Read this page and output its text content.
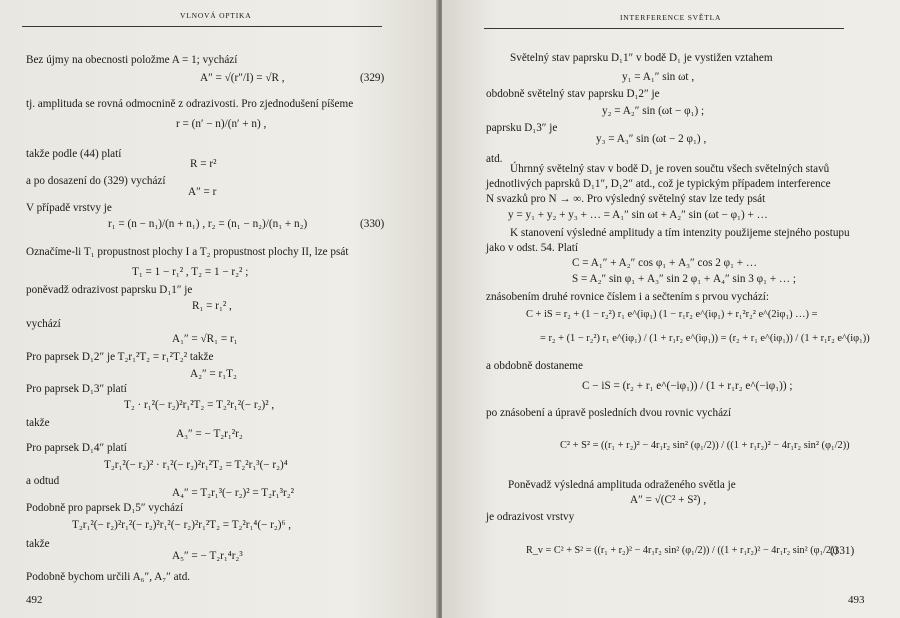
VLNOVÁ OPTIKA
Bez újmy na obecnosti položme A = 1; vychází
A″ = √(r″/I) = √R ,	(329)
tj. amplituda se rovná odmocnině z odrazivosti. Pro zjednodušení píšeme
r = (n′ − n)/(n′ + n) ,
takže podle (44) platí
R = r²
a po dosazení do (329) vychází
A″ = r
V případě vrstvy je
r₁ = (n − n₁)/(n + n₁) , r₂ = (n₁ − n₂)/(n₁ + n₂)	(330)
Označíme-li T₁ propustnost plochy I a T₂ propustnost plochy II, lze psát
T₁ = 1 − r₁² , T₂ = 1 − r₂² ;
poněvadž odrazivost paprsku D₁1″ je
R₁ = r₁² ,
vychází
A₁″ = √R₁ = r₁
Pro paprsek D₁2″ je T₂r₁²T₂ = r₁²T₂² takže
A₂″ = r₁T₂
Pro paprsek D₁3″ platí
T₂ · r₁²(− r₂)²r₁²T₂ = T₂²r₁²(− r₂)² ,
takže
A₃″ = − T₂r₁²r₂
Pro paprsek D₁4″ platí
T₂r₁²(− r₂)² · r₁²(− r₂)²r₁²T₂ = T₂²r₁³(− r₂)⁴
a odtud
A₄″ = T₂r₁³(− r₂)² = T₂r₁³r₂²
Podobně pro paprsek D₁5″ vychází
T₂r₁²(− r₂)²r₁²(− r₂)²r₁²(− r₂)²r₁²T₂ = T₂²r₁⁴(− r₂)⁶ ,
takže
A₅″ = − T₂r₁⁴r₂³
Podobně bychom určili A₆″, A₇″ atd.
492
INTERFERENCE SVĚTLA
Světelný stav paprsku D₁1″ v bodě D₁ je vystižen vztahem
y₁ = A₁″ sin ωt ,
obdobně světelný stav paprsku D₁2″ je
y₂ = A₂″ sin (ωt − φ₁) ;
paprsku D₁3″ je
y₃ = A₃″ sin (ωt − 2 φ₁) ,
atd.
Úhrnný světelný stav v bodě D₁ je roven součtu všech světelných stavů
jednotlivých paprsků D₁1″, D₁2″ atd., což je typickým případem interference
N svazků pro N → ∞. Pro výsledný světelný stav lze tedy psát
y = y₁ + y₂ + y₃ + … = A₁″ sin ωt + A₂″ sin (ωt − φ₁) + …
K stanovení výsledné amplitudy a tím intenzity použijeme stejného postupu
jako v odst. 54. Platí
C = A₁″ + A₂″ cos φ₁ + A₃″ cos 2 φ₁ + …
S = A₂″ sin φ₁ + A₃″ sin 2 φ₁ + A₄″ sin 3 φ₁ + … ;
znásobením druhé rovnice číslem i a sečtením s prvou vychází:
C + iS = r₂ + (1 − r₂²) r₁ e^(iφ₁) (1 − r₁r₂ e^(iφ₁) + r₁²r₂² e^(2iφ₁) …) =
= r₂ + (1 − r₂²) r₁ e^(iφ₁) / (1 + r₁r₂ e^(iφ₁)) = (r₂ + r₁ e^(iφ₁)) / (1 + r₁r₂ e^(iφ₁))
a obdobně dostaneme
C − iS = (r₂ + r₁ e^(−iφ₁)) / (1 + r₁r₂ e^(−iφ₁)) ;
po znásobení a úpravě posledních dvou rovnic vychází
C² + S² = ((r₁ + r₂)² − 4r₁r₂ sin² (φ₁/2)) / ((1 + r₁r₂)² − 4r₁r₂ sin² (φ₁/2))
Poněvadž výsledná amplituda odraženého světla je
A″ = √(C² + S²) ,
je odrazivost vrstvy
R_v = C² + S² = ((r₁ + r₂)² − 4r₁r₂ sin² (φ₁/2)) / ((1 + r₁r₂)² − 4r₁r₂ sin² (φ₁/2))
(331)
493
